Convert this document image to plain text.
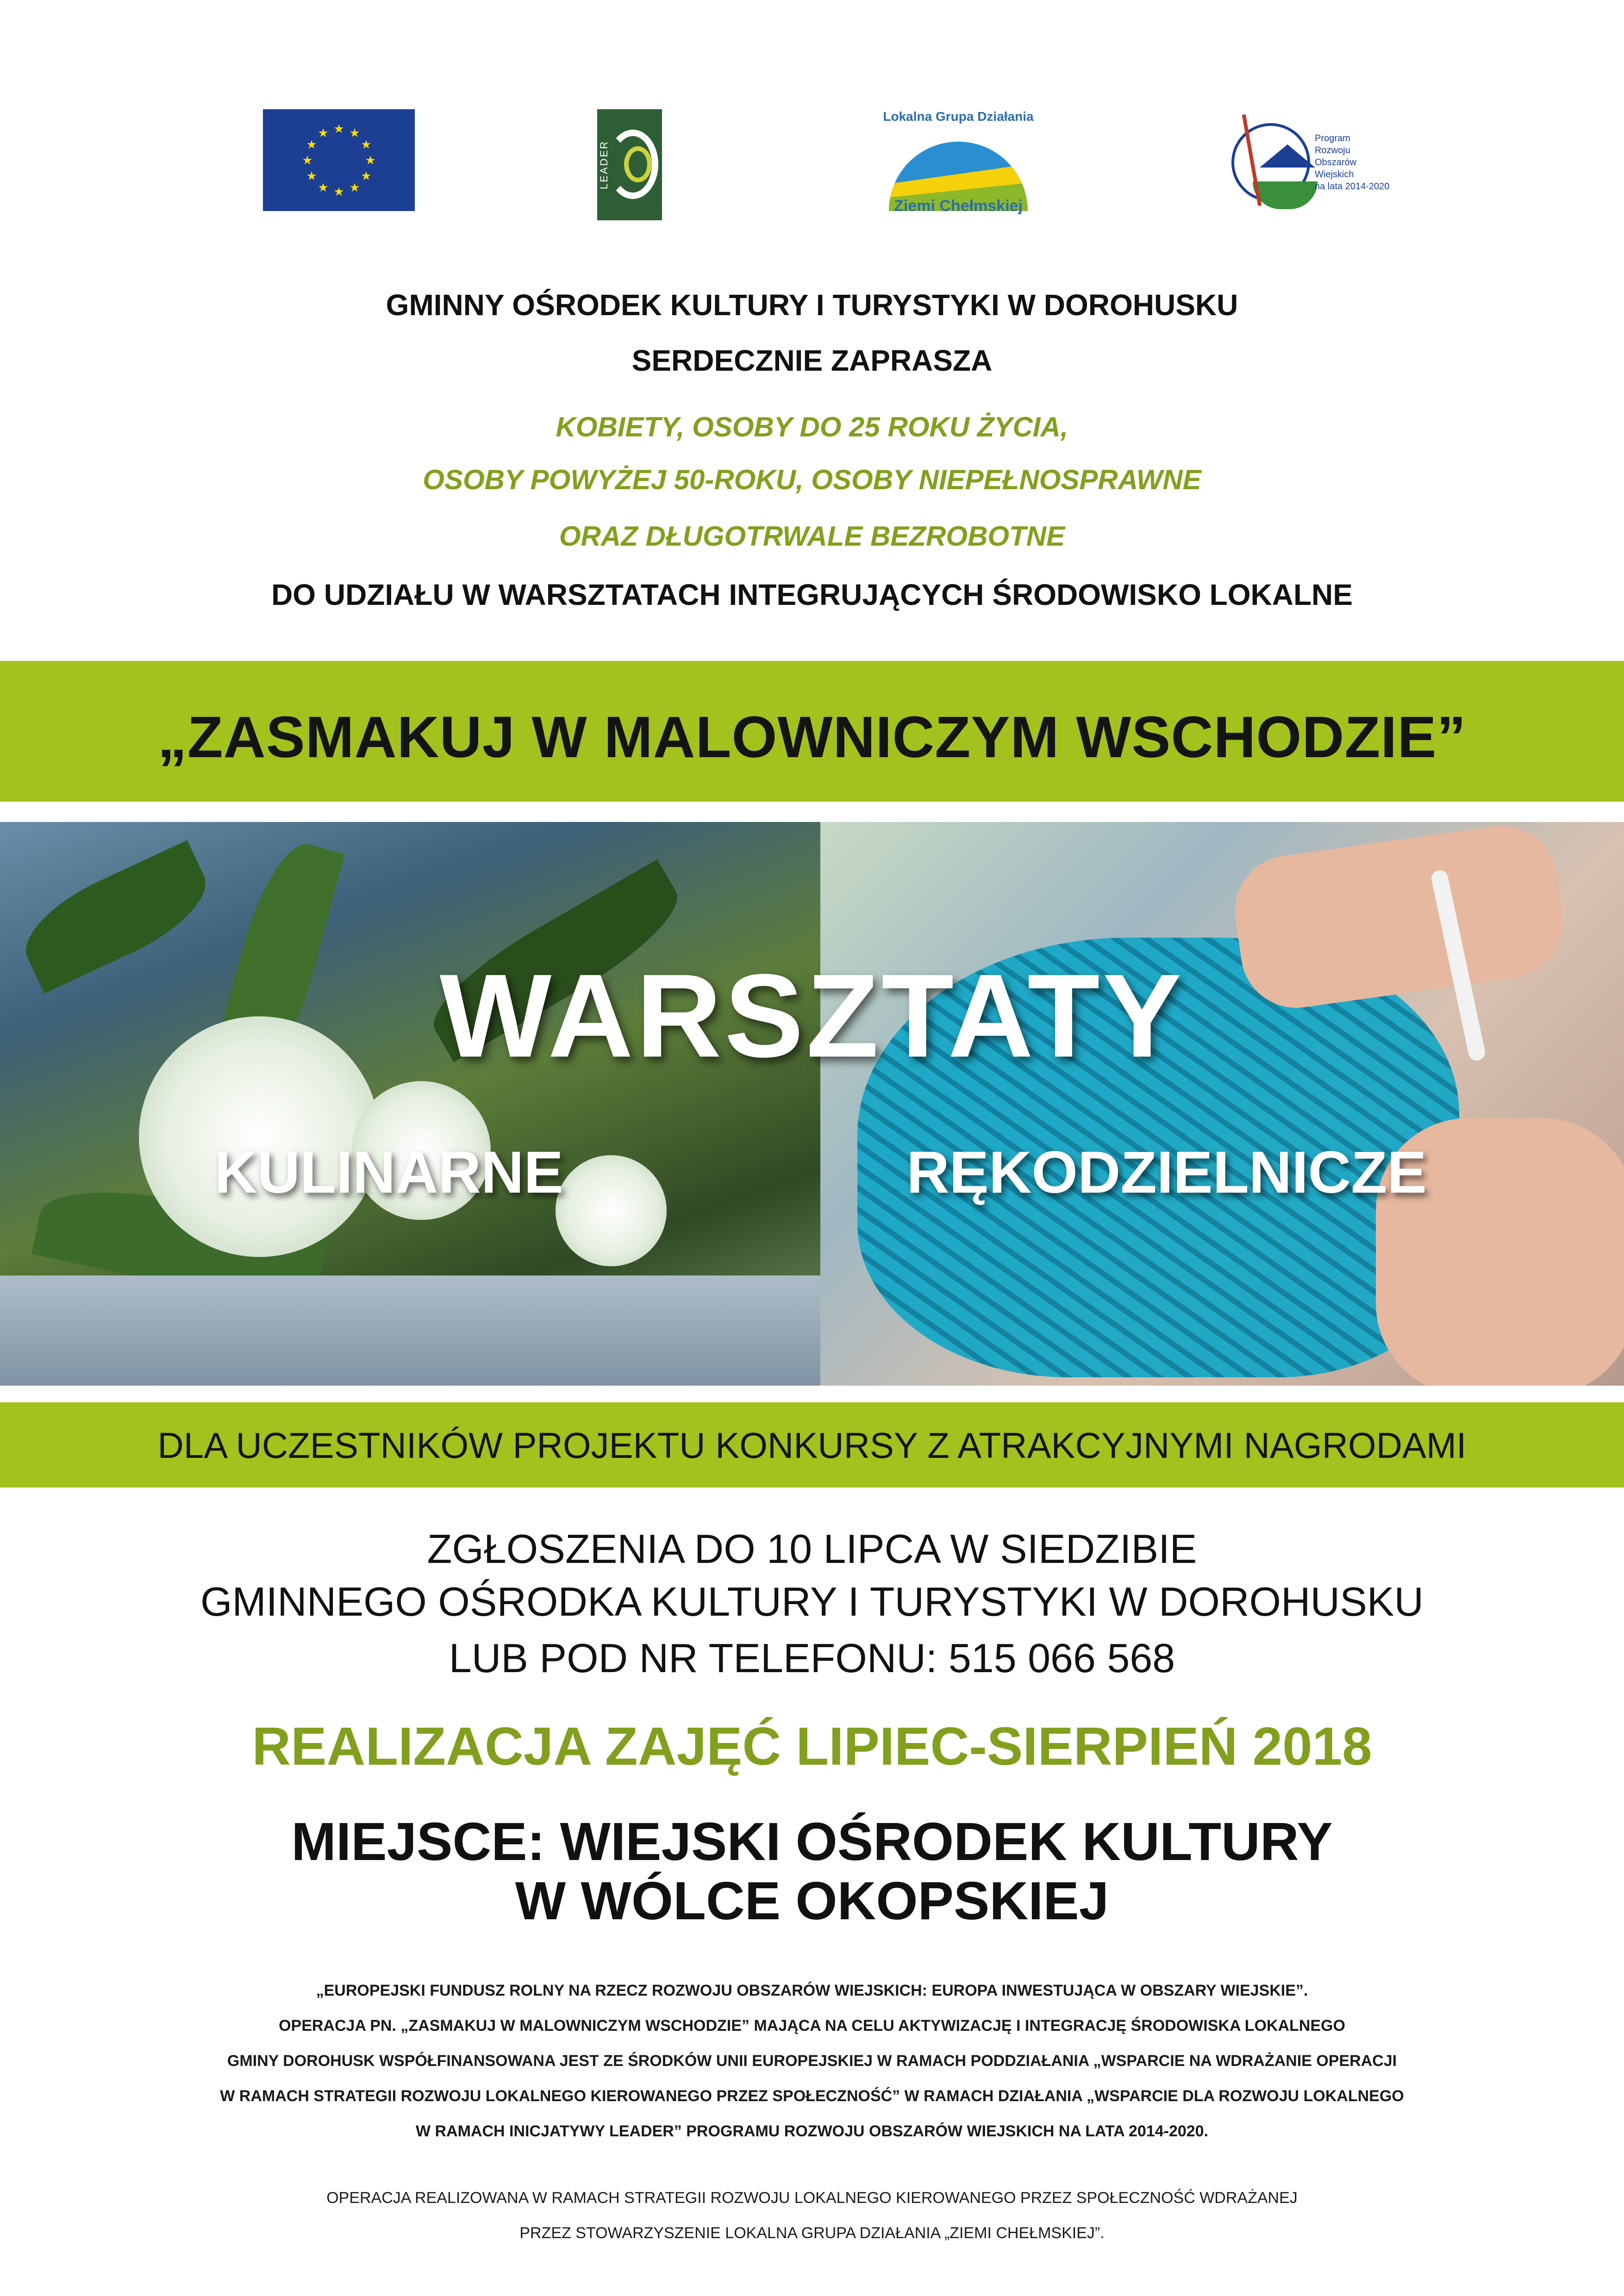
★ ★
★
★
★
★
★
★
★
★
★
★
LEADER
Lokalna Grupa Działania
Ziemi Chełmskiej
Program
Rozwoju
Obszarów
Wiejskich
na lata 2014-2020
GMINNY OŚRODEK KULTURY I TURYSTYKI W DOROHUSKU
SERDECZNIE ZAPRASZA
KOBIETY, OSOBY DO 25 ROKU ŻYCIA,
OSOBY POWYŻEJ 50-ROKU, OSOBY NIEPEŁNOSPRAWNE
ORAZ DŁUGOTRWALE BEZROBOTNE
DO UDZIAŁU W WARSZTATACH INTEGRUJĄCYCH ŚRODOWISKO LOKALNE
„ZASMAKUJ W MALOWNICZYM WSCHODZIE”
WARSZTATY
KULINARNE	RĘKODZIELNICZE
DLA UCZESTNIKÓW PROJEKTU KONKURSY Z ATRAKCYJNYMI NAGRODAMI
ZGŁOSZENIA DO 10 LIPCA W SIEDZIBIE
GMINNEGO OŚRODKA KULTURY I TURYSTYKI W DOROHUSKU
LUB POD NR TELEFONU: 515 066 568
REALIZACJA ZAJĘĆ LIPIEC-SIERPIEŃ 2018
MIEJSCE: WIEJSKI OŚRODEK KULTURY
W WÓLCE OKOPSKIEJ
„EUROPEJSKI FUNDUSZ ROLNY NA RZECZ ROZWOJU OBSZARÓW WIEJSKICH: EUROPA INWESTUJĄCA W OBSZARY WIEJSKIE”.
OPERACJA PN. „ZASMAKUJ W MALOWNICZYM WSCHODZIE” MAJĄCA NA CELU AKTYWIZACJĘ I INTEGRACJĘ ŚRODOWISKA LOKALNEGO
GMINY DOROHUSK WSPÓŁFINANSOWANA JEST ZE ŚRODKÓW UNII EUROPEJSKIEJ W RAMACH PODDZIAŁANIA „WSPARCIE NA WDRAŻANIE OPERACJI
W RAMACH STRATEGII ROZWOJU LOKALNEGO KIEROWANEGO PRZEZ SPOŁECZNOŚĆ” W RAMACH DZIAŁANIA „WSPARCIE DLA ROZWOJU LOKALNEGO
W RAMACH INICJATYWY LEADER” PROGRAMU ROZWOJU OBSZARÓW WIEJSKICH NA LATA 2014-2020.
OPERACJA REALIZOWANA W RAMACH STRATEGII ROZWOJU LOKALNEGO KIEROWANEGO PRZEZ SPOŁECZNOŚĆ WDRAŻANEJ
PRZEZ STOWARZYSZENIE LOKALNA GRUPA DZIAŁANIA „ZIEMI CHEŁMSKIEJ”.
